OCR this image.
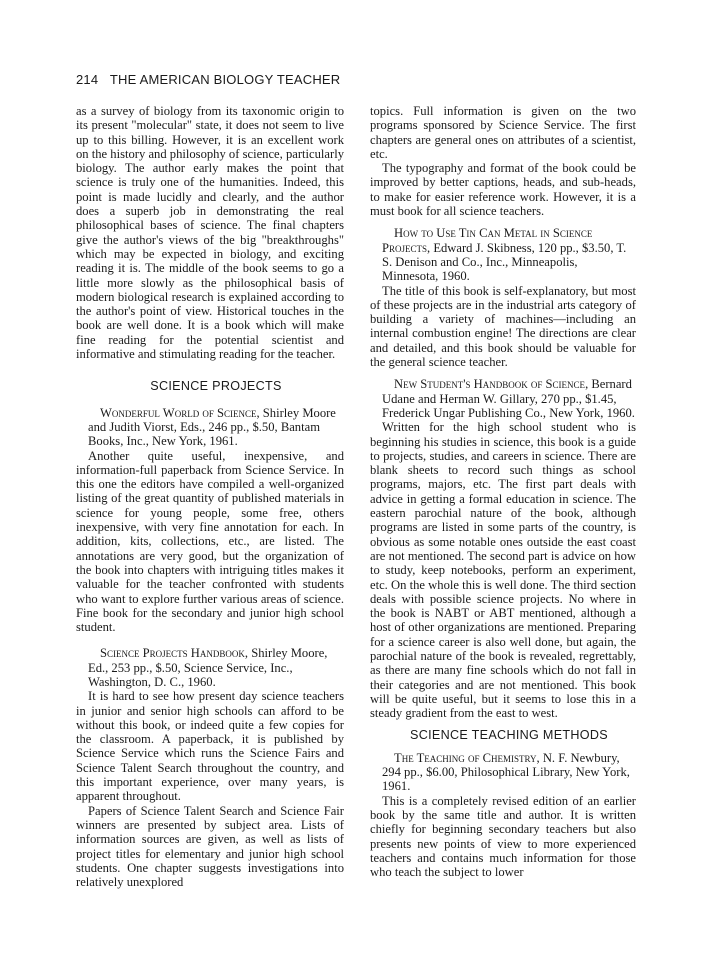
214 THE AMERICAN BIOLOGY TEACHER

as a survey of biology from its taxonomic origin to its present "molecular" state, it does not seem to live up to this billing. However, it is an excellent work on the history and philosophy of science, particularly biology. The author early makes the point that science is truly one of the humanities. Indeed, this point is made lucidly and clearly, and the author does a superb job in demonstrating the real philosophical bases of science. The final chapters give the author's views of the big "breakthroughs" which may be expected in biology, and exciting reading it is. The middle of the book seems to go a little more slowly as the philosophical basis of modern biological research is explained according to the author's point of view. Historical touches in the book are well done. It is a book which will make fine reading for the potential scientist and informative and stimulating reading for the teacher.

SCIENCE PROJECTS

Wonderful World of Science, Shirley Moore and Judith Viorst, Eds., 246 pp., $.50, Bantam Books, Inc., New York, 1961.

Another quite useful, inexpensive, and information-full paperback from Science Service. In this one the editors have compiled a well-organized listing of the great quantity of published materials in science for young people, some free, others inexpensive, with very fine annotation for each. In addition, kits, collections, etc., are listed. The annotations are very good, but the organization of the book into chapters with intriguing titles makes it valuable for the teacher confronted with students who want to explore further various areas of science. Fine book for the secondary and junior high school student.

Science Projects Handbook, Shirley Moore, Ed., 253 pp., $.50, Science Service, Inc., Washington, D. C., 1960.

It is hard to see how present day science teachers in junior and senior high schools can afford to be without this book, or indeed quite a few copies for the classroom. A paperback, it is published by Science Service which runs the Science Fairs and Science Talent Search throughout the country, and this important experience, over many years, is apparent throughout.

Papers of Science Talent Search and Science Fair winners are presented by subject area. Lists of information sources are given, as well as lists of project titles for elementary and junior high school students. One chapter suggests investigations into relatively unexplored

topics. Full information is given on the two programs sponsored by Science Service. The first chapters are general ones on attributes of a scientist, etc.

The typography and format of the book could be improved by better captions, heads, and sub-heads, to make for easier reference work. However, it is a must book for all science teachers.

How to Use Tin Can Metal in Science Projects, Edward J. Skibness, 120 pp., $3.50, T. S. Denison and Co., Inc., Minneapolis, Minnesota, 1960.

The title of this book is self-explanatory, but most of these projects are in the industrial arts category of building a variety of machines—including an internal combustion engine! The directions are clear and detailed, and this book should be valuable for the general science teacher.

New Student's Handbook of Science, Bernard Udane and Herman W. Gillary, 270 pp., $1.45, Frederick Ungar Publishing Co., New York, 1960.

Written for the high school student who is beginning his studies in science, this book is a guide to projects, studies, and careers in science. There are blank sheets to record such things as school programs, majors, etc. The first part deals with advice in getting a formal education in science. The eastern parochial nature of the book, although programs are listed in some parts of the country, is obvious as some notable ones outside the east coast are not mentioned. The second part is advice on how to study, keep notebooks, perform an experiment, etc. On the whole this is well done. The third section deals with possible science projects. No where in the book is NABT or ABT mentioned, although a host of other organizations are mentioned. Preparing for a science career is also well done, but again, the parochial nature of the book is revealed, regrettably, as there are many fine schools which do not fall in their categories and are not mentioned. This book will be quite useful, but it seems to lose this in a steady gradient from the east to west.

SCIENCE TEACHING METHODS

The Teaching of Chemistry, N. F. Newbury, 294 pp., $6.00, Philosophical Library, New York, 1961.

This is a completely revised edition of an earlier book by the same title and author. It is written chiefly for beginning secondary teachers but also presents new points of view to more experienced teachers and contains much information for those who teach the subject to lower
